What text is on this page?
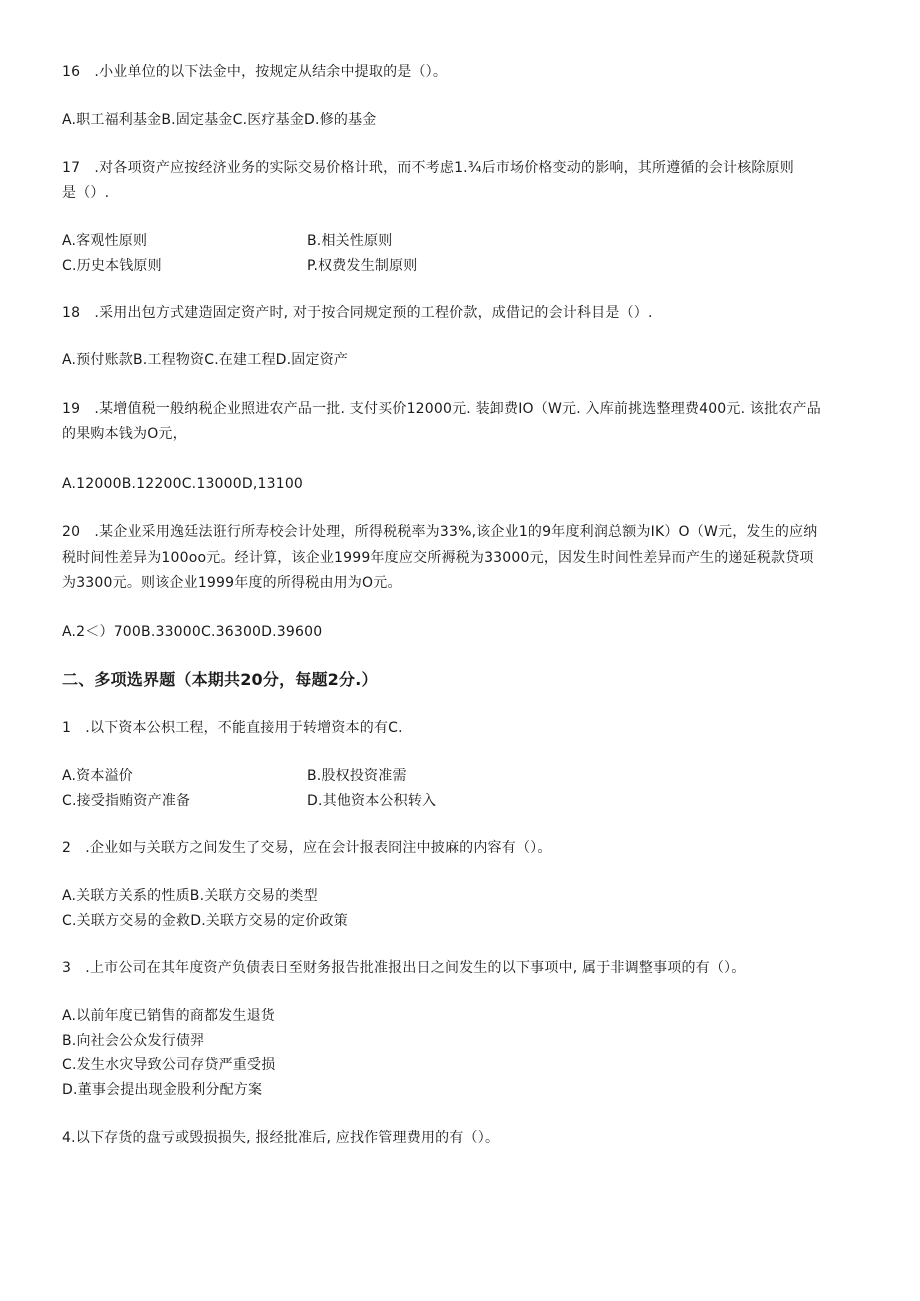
16　.小业单位的以下法金中，按规定从结余中提取的是（）。
A.职工福利基金B.固定基金C.医疗基金D.修的基金
17　.对各项资产应按经济业务的实际交易价格计玳，而不考虑1.¾后市场价格变动的影响，其所遵循的会计核除原则
是（）.
A.客观性原则	B.相关性原则
C.历史本钱原则	P.权费发生制原则
18　.采用出包方式建造固定资产时, 对于按合同规定预的工程价款，成借记的会计科目是（）.
A.预付账款B.工程物资C.在建工程D.固定资产
19　.某增值税一般纳税企业照进农产品一批. 支付买价12000元. 装卸费IO（W元. 入库前挑选整理费400元. 该批农产品
的果购本钱为O元，
A.12000B.12200C.13000D,13100
20　.某企业采用逸廷法诳行所寿校会计处理，所得税税率为33%,该企业1的9年度利润总额为IK）O（W元，发生的应纳
税时间性差异为100oo元。经计算，该企业1999年度应交所褥税为33000元，因发生时间性差异而产生的递延税款贷项
为3300元。则该企业1999年度的所得税由用为O元。
A.2＜）700B.33000C.36300D.39600
二、多项选界题（本期共20分，每题2分.）
1　.以下资本公枳工程，不能直接用于转增资本的有C.
A.资本溢价	B.股权投资准需
C.接受指贿资产准备	D.其他资本公积转入
2　.企业如与关联方之间发生了交易，应在会计报表冏注中披麻的内容有（）。
A.关联方关系的性质B.关联方交易的类型
C.关联方交易的金救D.关联方交易的定价政策
3　.上市公司在其年度资产负债表日至财务报告批准报出日之间发生的以下事项中, 属于非调整事项的有（）。
A.以前年度已销售的商都发生退货
B.向社会公众发行债羿
C.发生水灾导致公司存贷严重受损
D.董事会提出现金股利分配方案
4.以下存货的盘亏或毁损损失, 报经批准后, 应找作管理费用的有（）。
